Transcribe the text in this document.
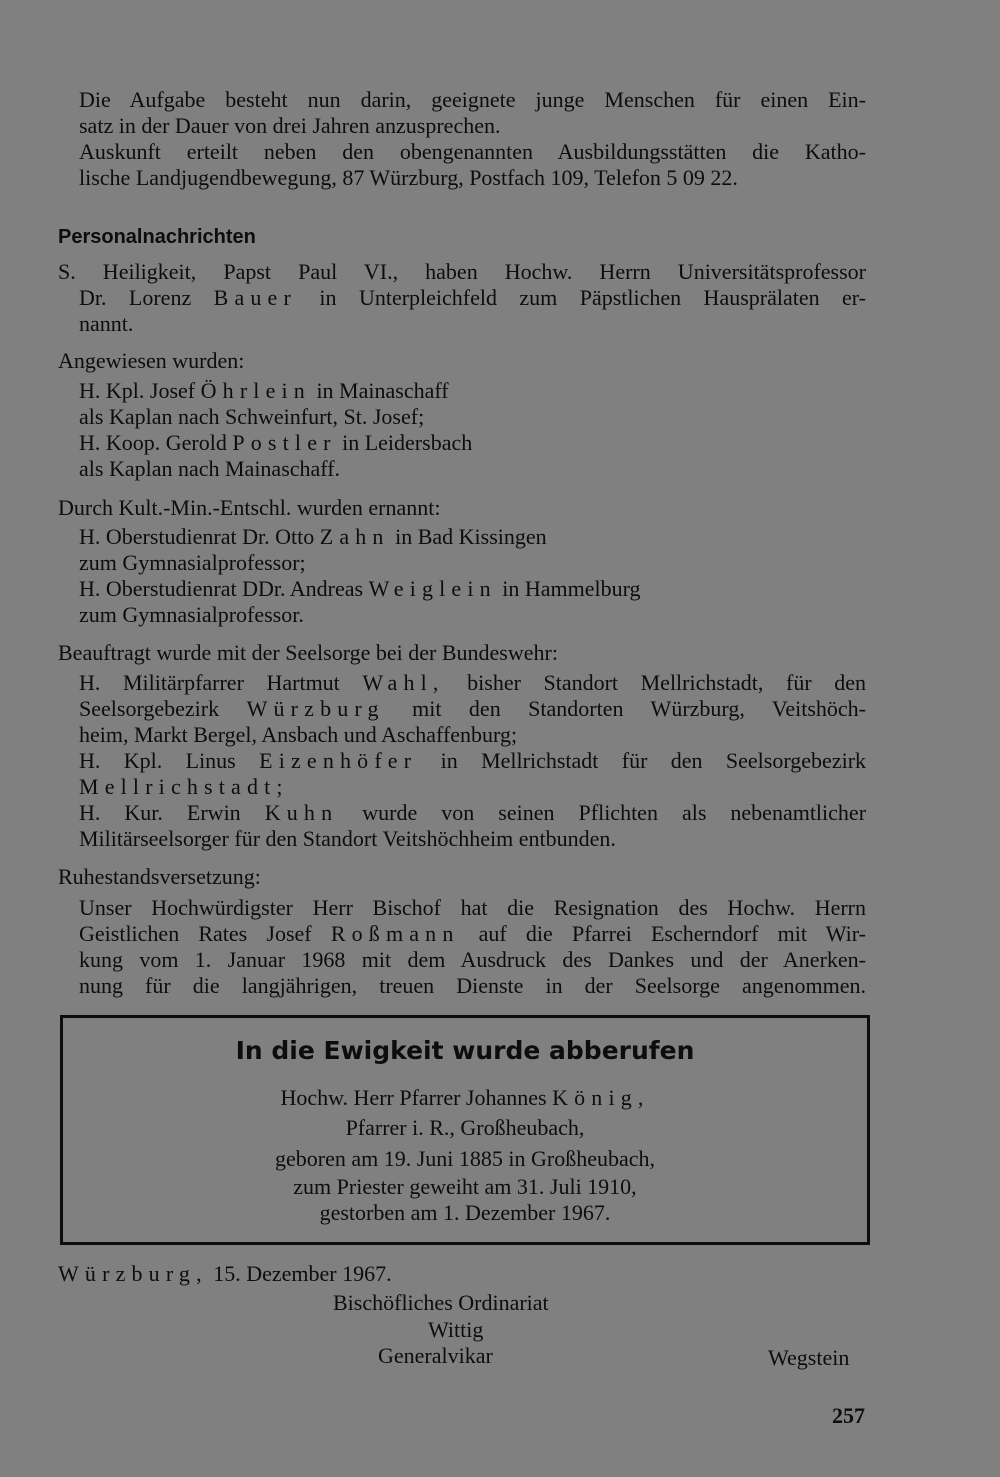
Die Aufgabe besteht nun darin, geeignete junge Menschen für einen Ein-
satz in der Dauer von drei Jahren anzusprechen.
Auskunft erteilt neben den obengenannten Ausbildungsstätten die Katho-
lische Landjugendbewegung, 87 Würzburg, Postfach 109, Telefon 5 09 22.
Personalnachrichten
S. Heiligkeit, Papst Paul VI., haben Hochw. Herrn Universitätsprofessor
Dr. Lorenz Bauer in Unterpleichfeld zum Päpstlichen Hausprälaten er-
nannt.
Angewiesen wurden:
H. Kpl. Josef Öhrlein in Mainaschaff
als Kaplan nach Schweinfurt, St. Josef;
H. Koop. Gerold Postler in Leidersbach
als Kaplan nach Mainaschaff.
Durch Kult.-Min.-Entschl. wurden ernannt:
H. Oberstudienrat Dr. Otto Zahn in Bad Kissingen
zum Gymnasialprofessor;
H. Oberstudienrat DDr. Andreas Weiglein in Hammelburg
zum Gymnasialprofessor.
Beauftragt wurde mit der Seelsorge bei der Bundeswehr:
H. Militärpfarrer Hartmut Wahl, bisher Standort Mellrichstadt, für den
Seelsorgebezirk Würzburg mit den Standorten Würzburg, Veitshöch-
heim, Markt Bergel, Ansbach und Aschaffenburg;
H. Kpl. Linus Eizenhöfer in Mellrichstadt für den Seelsorgebezirk
Mellrichstadt;
H. Kur. Erwin Kuhn wurde von seinen Pflichten als nebenamtlicher
Militärseelsorger für den Standort Veitshöchheim entbunden.
Ruhestandsversetzung:
Unser Hochwürdigster Herr Bischof hat die Resignation des Hochw. Herrn
Geistlichen Rates Josef Roßmann auf die Pfarrei Escherndorf mit Wir-
kung vom 1. Januar 1968 mit dem Ausdruck des Dankes und der Anerken-
nung für die langjährigen, treuen Dienste in der Seelsorge angenommen.
In die Ewigkeit wurde abberufen
Hochw. Herr Pfarrer Johannes König,
Pfarrer i. R., Großheubach,
geboren am 19. Juni 1885 in Großheubach,
zum Priester geweiht am 31. Juli 1910,
gestorben am 1. Dezember 1967.
Würzburg, 15. Dezember 1967.
Bischöfliches Ordinariat
Wittig
Generalvikar	Wegstein
257
